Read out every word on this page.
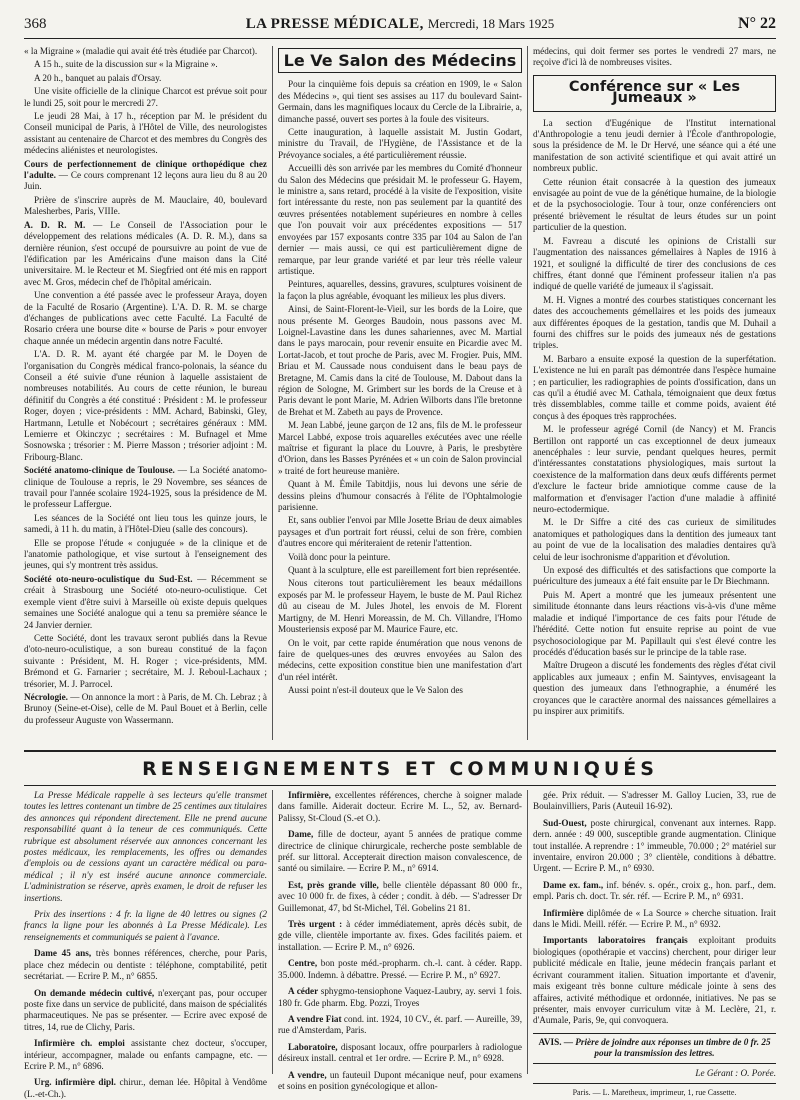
368	LA PRESSE MÉDICALE, Mercredi, 18 Mars 1925	N° 22

« la Migraine » (maladie qui avait été très étudiée par Charcot).

A 15 h., suite de la discussion sur « la Migraine ».

A 20 h., banquet au palais d'Orsay.

Une visite officielle de la clinique Charcot est prévue soit pour le lundi 25, soit pour le mercredi 27.

Le jeudi 28 Mai, à 17 h., réception par M. le président du Conseil municipal de Paris, à l'Hôtel de Ville, des neurologistes assistant au centenaire de Charcot et des membres du Congrès des médecins aliénistes et neurologistes.

Cours de perfectionnement de clinique orthopédique chez l'adulte. — Ce cours comprenant 12 leçons aura lieu du 8 au 20 Juin.

Prière de s'inscrire auprès de M. Mauclaire, 40, boulevard Malesherbes, Paris, VIIIe.

A. D. R. M. — Le Conseil de l'Association pour le développement des relations médicales (A. D. R. M.), dans sa dernière réunion, s'est occupé de poursuivre au point de vue de l'édification par les Américains d'une maison dans la Cité universitaire. M. le Recteur et M. Siegfried ont été mis en rapport avec M. Gros, médecin chef de l'hôpital américain.

Une convention a été passée avec le professeur Araya, doyen de la Faculté de Rosario (Argentine). L'A. D. R. M. se charge d'échanges de publications avec cette Faculté. La Faculté de Rosario créera une bourse dite « bourse de Paris » pour envoyer chaque année un médecin argentin dans notre Faculté.

L'A. D. R. M. ayant été chargée par M. le Doyen de l'organisation du Congrès médical franco-polonais, la séance du Conseil a été suivie d'une réunion à laquelle assistaient de nombreuses notabilités. Au cours de cette réunion, le bureau définitif du Congrès a été constitué : Président : M. le professeur Roger, doyen ; vice-présidents : MM. Achard, Babinski, Gley, Hartmann, Letulle et Nobécourt ; secrétaires généraux : MM. Lemierre et Okinczyc ; secrétaires : M. Bufnagel et Mme Sosnowska ; trésorier : M. Pierre Masson ; trésorier adjoint : M. Fribourg-Blanc.

Société anatomo-clinique de Toulouse. — La Société anatomo-clinique de Toulouse a repris, le 29 Novembre, ses séances de travail pour l'année scolaire 1924-1925, sous la présidence de M. le professeur Laffergue.

Les séances de la Société ont lieu tous les quinze jours, le samedi, à 11 h. du matin, à l'Hôtel-Dieu (salle des concours).

Elle se propose l'étude « conjuguée » de la clinique et de l'anatomie pathologique, et vise surtout à l'enseignement des jeunes, qui s'y montrent très assidus.

Société oto-neuro-oculistique du Sud-Est. — Récemment se créait à Strasbourg une Société oto-neuro-oculistique. Cet exemple vient d'être suivi à Marseille où existe depuis quelques semaines une Société analogue qui a tenu sa première séance le 24 Janvier dernier.

Cette Société, dont les travaux seront publiés dans la Revue d'oto-neuro-oculistique, a son bureau constitué de la façon suivante : Président, M. H. Roger ; vice-présidents, MM. Brémond et G. Farnarier ; secrétaire, M. J. Reboul-Lachaux ; trésorier, M. J. Parrocel.

Nécrologie. — On annonce la mort : à Paris, de M. Ch. Lebraz ; à Brunoy (Seine-et-Oise), celle de M. Paul Bouet et à Berlin, celle du professeur Auguste von Wassermann.

Le Ve Salon des Médecins

Pour la cinquième fois depuis sa création en 1909, le « Salon des Médecins », qui tient ses assises au 117 du boulevard Saint-Germain, dans les magnifiques locaux du Cercle de la Librairie, a, dimanche passé, ouvert ses portes à la foule des visiteurs.

Cette inauguration, à laquelle assistait M. Justin Godart, ministre du Travail, de l'Hygiène, de l'Assistance et de la Prévoyance sociales, a été particulièrement réussie.

Accueilli dès son arrivée par les membres du Comité d'honneur du Salon des Médecins que présidait M. le professeur G. Hayem, le ministre a, sans retard, procédé à la visite de l'exposition, visite fort intéressante du reste, non pas seulement par la quantité des œuvres présentées notablement supérieures en nombre à celles que l'on pouvait voir aux précédentes expositions — 517 envoyées par 157 exposants contre 335 par 104 au Salon de l'an dernier — mais aussi, ce qui est particulièrement digne de remarque, par leur grande variété et par leur très réelle valeur artistique.

Peintures, aquarelles, dessins, gravures, sculptures voisinent de la façon la plus agréable, évoquant les milieux les plus divers.

Ainsi, de Saint-Florent-le-Vieil, sur les bords de la Loire, que nous présente M. Georges Baudoin, nous passons avec M. Loignel-Lavastine dans les dunes sahariennes, avec M. Martial dans le pays marocain, pour revenir ensuite en Picardie avec M. Lortat-Jacob, et tout proche de Paris, avec M. Frogier. Puis, MM. Briau et M. Caussade nous conduisent dans le beau pays de Bretagne, M. Camis dans la cité de Toulouse, M. Dabout dans la région de Sologne, M. Grimbert sur les bords de la Creuse et à Paris devant le pont Marie, M. Adrien Wilborts dans l'île bretonne de Brehat et M. Zabeth au pays de Provence.

M. Jean Labbé, jeune garçon de 12 ans, fils de M. le professeur Marcel Labbé, expose trois aquarelles exécutées avec une réelle maîtrise et figurant la place du Louvre, à Paris, le presbytère d'Orion, dans les Basses Pyrénées et « un coin de Salon provincial » traité de fort heureuse manière.

Quant à M. Émile Tabitdjis, nous lui devons une série de dessins pleins d'humour consacrés à l'élite de l'Ophtalmologie parisienne.

Et, sans oublier l'envoi par Mlle Josette Briau de deux aimables paysages et d'un portrait fort réussi, celui de son frère, combien d'autres encore qui mériteraient de retenir l'attention.

Voilà donc pour la peinture.

Quant à la sculpture, elle est pareillement fort bien représentée.

Nous citerons tout particulièrement les beaux médaillons exposés par M. le professeur Hayem, le buste de M. Paul Richez dû au ciseau de M. Jules Jhotel, les envois de M. Florent Martigny, de M. Henri Moreassin, de M. Ch. Villandre, l'Homo Mousteriensis exposé par M. Maurice Faure, etc.

On le voit, par cette rapide énumération que nous venons de faire de quelques-unes des œuvres envoyées au Salon des médecins, cette exposition constitue bien une manifestation d'art d'un réel intérêt.

Aussi point n'est-il douteux que le Ve Salon des

médecins, qui doit fermer ses portes le vendredi 27 mars, ne reçoive d'ici là de nombreuses visites.

Conférence sur « Les Jumeaux »

La section d'Eugénique de l'Institut international d'Anthropologie a tenu jeudi dernier à l'École d'anthropologie, sous la présidence de M. le Dr Hervé, une séance qui a été une manifestation de son activité scientifique et qui avait attiré un nombreux public.

Cette réunion était consacrée à la question des jumeaux envisagée au point de vue de la génétique humaine, de la biologie et de la psychosociologie. Tour à tour, onze conférenciers ont présenté brièvement le résultat de leurs études sur un point particulier de la question.

M. Favreau a discuté les opinions de Cristalli sur l'augmentation des naissances gémellaires à Naples de 1916 à 1921, et souligné la difficulté de tirer des conclusions de ces chiffres, étant donné que l'éminent professeur italien n'a pas indiqué de quelle variété de jumeaux il s'agissait.

M. H. Vignes a montré des courbes statistiques concernant les dates des accouchements gémellaires et les poids des jumeaux aux différentes époques de la gestation, tandis que M. Duhail a fourni des chiffres sur le poids des jumeaux nés de gestations triples.

M. Barbaro a ensuite exposé la question de la superfétation. L'existence ne lui en paraît pas démontrée dans l'espèce humaine ; en particulier, les radiographies de points d'ossification, dans un cas qu'il a étudié avec M. Cathala, témoignaient que deux fœtus très dissemblables, comme taille et comme poids, avaient été conçus à des époques très rapprochées.

M. le professeur agrégé Cornil (de Nancy) et M. Francis Bertillon ont rapporté un cas exceptionnel de deux jumeaux anencéphales : leur survie, pendant quelques heures, permit d'intéressantes constatations physiologiques, mais surtout la coexistence de la malformation dans deux œufs différents permet d'exclure le facteur bride amniotique comme cause de la malformation et d'envisager l'action d'une maladie à affinité neuro-ectodermique.

M. le Dr Siffre a cité des cas curieux de similitudes anatomiques et pathologiques dans la dentition des jumeaux tant au point de vue de la localisation des maladies dentaires qu'à celui de leur isochronisme d'apparition et d'évolution.

Un exposé des difficultés et des satisfactions que comporte la puériculture des jumeaux a été fait ensuite par le Dr Biechmann.

Puis M. Apert a montré que les jumeaux présentent une similitude étonnante dans leurs réactions vis-à-vis d'une même maladie et indiqué l'importance de ces faits pour l'étude de l'hérédité. Cette notion fut ensuite reprise au point de vue psychosociologique par M. Papillault qui s'est élevé contre les procédés d'éducation basés sur le principe de la table rase.

Maître Drugeon a discuté les fondements des règles d'état civil applicables aux jumeaux ; enfin M. Saintyves, envisageant la question des jumeaux dans l'ethnographie, a énuméré les croyances que le caractère anormal des naissances gémellaires a pu inspirer aux primitifs.

RENSEIGNEMENTS ET COMMUNIQUÉS

La Presse Médicale rappelle à ses lecteurs qu'elle transmet toutes les lettres contenant un timbre de 25 centimes aux titulaires des annonces qui répondent directement. Elle ne prend aucune responsabilité quant à la teneur de ces communiqués. Cette rubrique est absolument réservée aux annonces concernant les postes médicaux, les remplacements, les offres ou demandes d'emplois ou de cessions ayant un caractère médical ou para-médical ; il n'y est inséré aucune annonce commerciale. L'administration se réserve, après examen, le droit de refuser les insertions.

Prix des insertions : 4 fr. la ligne de 40 lettres ou signes (2 francs la ligne pour les abonnés à La Presse Médicale). Les renseignements et communiqués se paient à l'avance.

Dame 45 ans, très bonnes références, cherche, pour Paris, place chez médecin ou dentiste : téléphone, comptabilité, petit secrétariat. — Ecrire P. M., n° 6855.

On demande médecin cultivé, n'exerçant pas, pour occuper poste fixe dans un service de publicité, dans maison de spécialités pharmaceutiques. Ne pas se présenter. — Ecrire avec exposé de titres, 14, rue de Clichy, Paris.

Infirmière ch. emploi assistante chez docteur, s'occuper, intérieur, accompagner, malade ou enfants campagne, etc. — Ecrire P. M., n° 6896.

Urg. infirmière dipl. chirur., deman lée. Hôpital à Vendôme (L.-et-Ch.).

Infirmière, excellentes références, cherche à soigner malade dans famille. Aiderait docteur. Ecrire M. L., 52, av. Bernard-Palissy, St-Cloud (S.-et O.).

Dame, fille de docteur, ayant 5 années de pratique comme directrice de clinique chirurgicale, recherche poste semblable de préf. sur littoral. Accepterait direction maison convalescence, de santé ou similaire. — Ecrire P. M., n° 6914.

Est, près grande ville, belle clientèle dépassant 80 000 fr., avec 10 000 fr. de fixes, à céder ; condit. à déb. — S'adresser Dr Guillemonat, 47, bd St-Michel, Tél. Gobelins 21 81.

Très urgent : à céder immédiatement, après décès subit, de gde ville, clientèle importante av. fixes. Gdes facilités paiem. et installation. — Ecrire P. M., n° 6926.

Centre, bon poste méd.-propharm. ch.-l. cant. à céder. Rapp. 35.000. Indemn. à débattre. Pressé. — Ecrire P. M., n° 6927.

A céder sphygmo-tensiophone Vaquez-Laubry, ay. servi 1 fois. 180 fr. Gde pharm. Ebg. Pozzi, Troyes

A vendre Fiat cond. int. 1924, 10 CV., ét. parf. — Aureille, 39, rue d'Amsterdam, Paris.

Laboratoire, disposant locaux, offre pourparlers à radiologue désireux install. central et 1er ordre. — Ecrire P. M., n° 6928.

A vendre, un fauteuil Dupont mécanique neuf, pour examens et soins en position gynécologique et allon-

gée. Prix réduit. — S'adresser M. Galloy Lucien, 33, rue de Boulainvilliers, Paris (Auteuil 16-92).

Sud-Ouest, poste chirurgical, convenant aux internes. Rapp. dern. année : 49 000, susceptible grande augmentation. Clinique tout installée. A reprendre : 1° immeuble, 70.000 ; 2° matériel sur inventaire, environ 20.000 ; 3° clientèle, conditions à débattre. Urgent. — Ecrire P. M., n° 6930.

Dame ex. fam., inf. bénév. s. opér., croix g., hon. parf., dem. empl. Paris ch. doct. Tr. sér. réf. — Ecrire P. M., n° 6931.

Infirmière diplômée de « La Source » cherche situation. Irait dans le Midi. Meill. référ. — Ecrire P. M., n° 6932.

Importants laboratoires français exploitant produits biologiques (opothérapie et vaccins) cherchent, pour diriger leur publicité médicale en Italie, jeune médecin français parlant et écrivant couramment italien. Situation importante et d'avenir, mais exigeant très bonne culture médicale jointe à sens des affaires, activité méthodique et ordonnée, initiatives. Ne pas se présenter, mais envoyer curriculum vitæ à M. Leclère, 21, r. d'Aumale, Paris, 9e, qui convoquera.

AVIS. — Prière de joindre aux réponses un timbre de 0 fr. 25 pour la transmission des lettres.
Le Gérant : O. Porée.
Paris. — L. Maretheux, imprimeur, 1, rue Cassette.
